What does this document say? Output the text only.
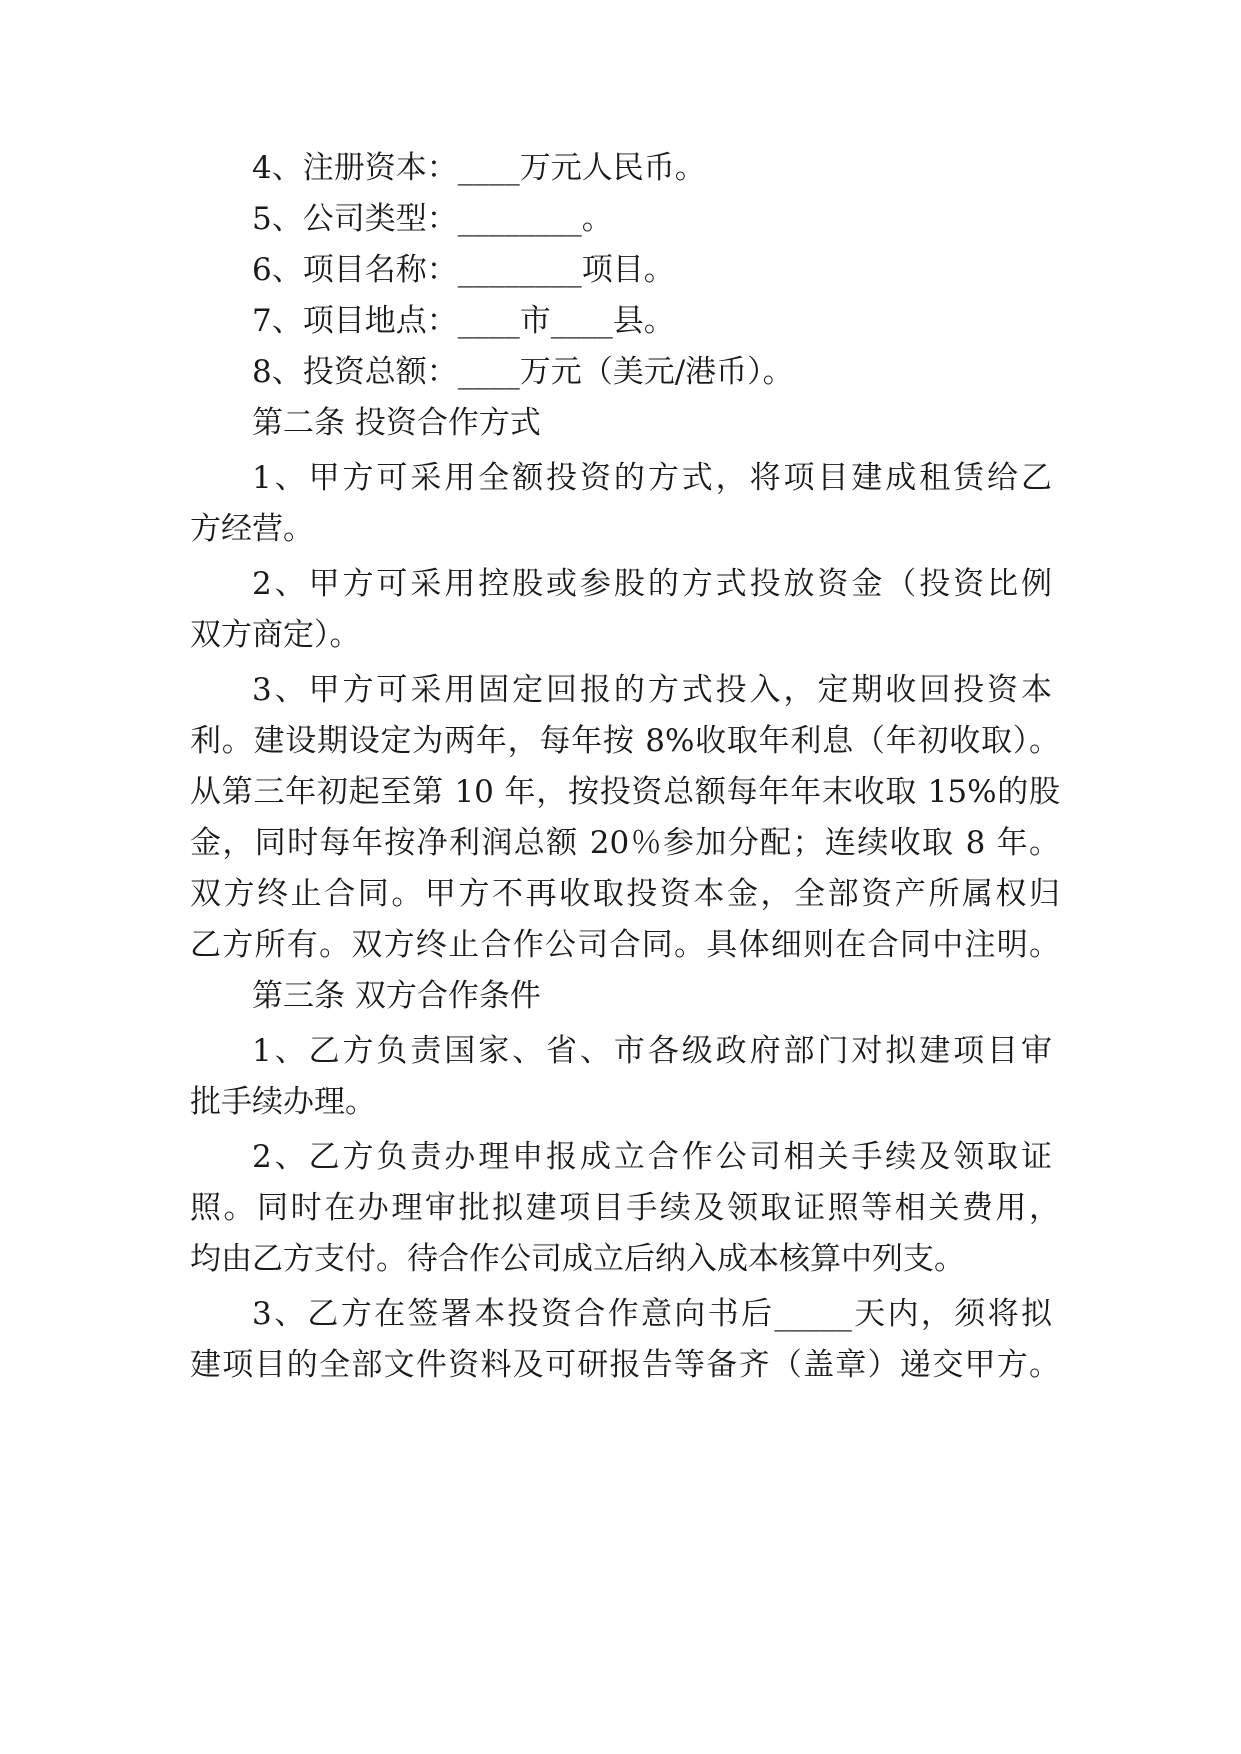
4、注册资本：____万元人民币。
5、公司类型：________。
6、项目名称：________项目。
7、项目地点：____市____县。
8、投资总额：____万元（美元/港币）。
第二条 投资合作方式
1、甲方可采用全额投资的方式，将项目建成租赁给乙
方经营。
2、甲方可采用控股或参股的方式投放资金（投资比例
双方商定）。
3、甲方可采用固定回报的方式投入，定期收回投资本
利。建设期设定为两年，每年按 8%收取年利息（年初收取）。
从第三年初起至第 10 年，按投资总额每年年末收取 15%的股
金，同时每年按净利润总额 20％参加分配；连续收取 8 年。
双方终止合同。甲方不再收取投资本金，全部资产所属权归
乙方所有。双方终止合作公司合同。具体细则在合同中注明。
第三条 双方合作条件
1、乙方负责国家、省、市各级政府部门对拟建项目审
批手续办理。
2、乙方负责办理申报成立合作公司相关手续及领取证
照。同时在办理审批拟建项目手续及领取证照等相关费用，
均由乙方支付。待合作公司成立后纳入成本核算中列支。
3、乙方在签署本投资合作意向书后_____天内，须将拟
建项目的全部文件资料及可研报告等备齐（盖章）递交甲方。
